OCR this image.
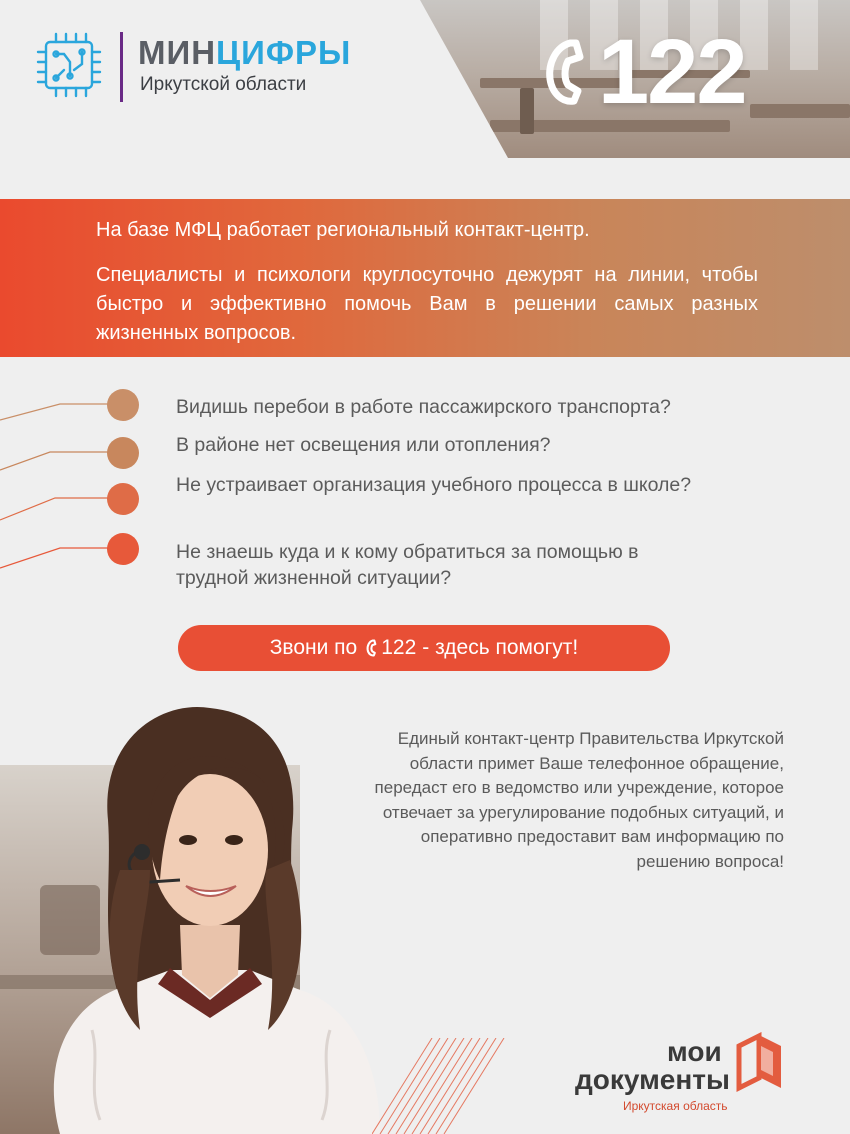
МИНЦИФРЫ
Иркутской области	122

На базе МФЦ работает региональный контакт-центр.

Специалисты и психологи круглосуточно дежурят на линии, чтобы быстро и эффективно помочь Вам в решении самых разных жизненных вопросов.

Видишь перебои в работе пассажирского транспорта?
В районе нет освещения или отопления?
Не устраивает организация учебного процесса в школе?
Не знаешь куда и к кому обратиться за помощью в трудной жизненной ситуации?
Звони по 122 - здесь помогут!

Единый контакт-центр Правительства Иркутской области примет Ваше телефонное обращение, передаст его в ведомство или учреждение, которое отвечает за урегулирование подобных ситуаций, и оперативно предоставит вам информацию по решению вопроса!

мои
документы
Иркутская область
